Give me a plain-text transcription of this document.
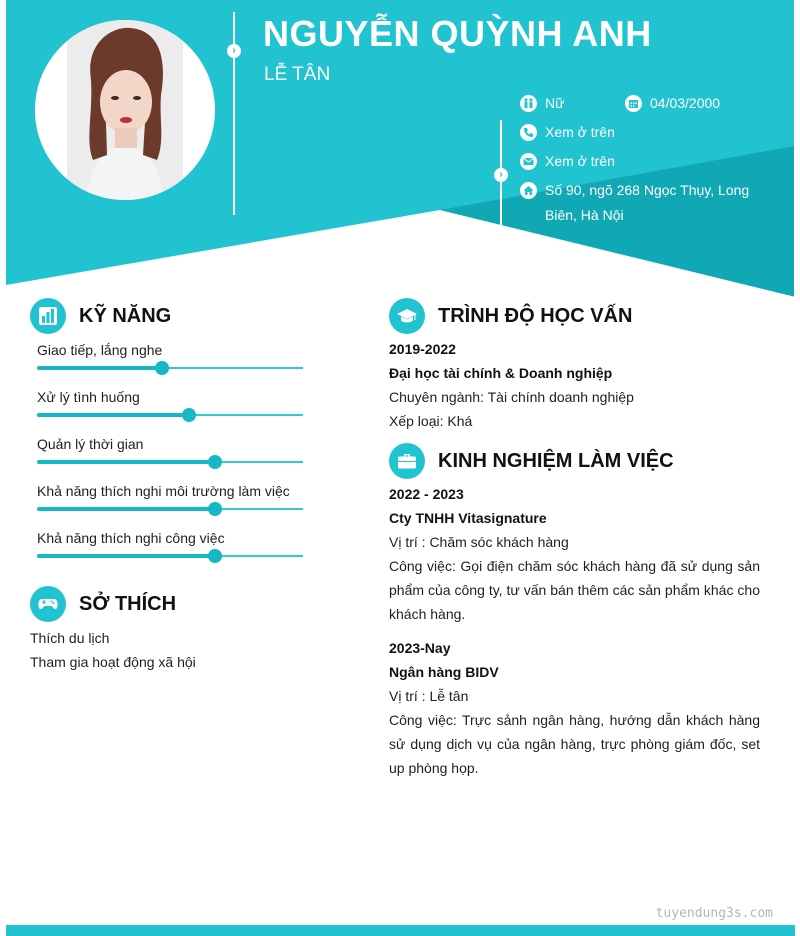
›
›
NGUYỄN QUỲNH ANH
LỄ TÂN
Nữ	04/03/2000
Xem ở trên
Xem ở trên
Số 90, ngõ 268 Ngọc Thụy, Long Biên, Hà Nội
KỸ NĂNG
Giao tiếp, lắng nghe
Xử lý tình huống
Quản lý thời gian
Khả năng thích nghi môi trường làm việc
Khả năng thích nghi công việc
SỞ THÍCH
Thích du lịch
Tham gia hoạt động xã hội
TRÌNH ĐỘ HỌC VẤN
2019-2022
Đại học tài chính & Doanh nghiệp
Chuyên ngành: Tài chính doanh nghiệp
Xếp loại: Khá
KINH NGHIỆM LÀM VIỆC
2022 - 2023
Cty TNHH Vitasignature
Vị trí : Chăm sóc khách hàng
Công việc: Gọi điện chăm sóc khách hàng đã sử dụng sản phẩm của công ty, tư vấn bán thêm các sản phẩm khác cho khách hàng.
2023-Nay
Ngân hàng BIDV
Vị trí : Lễ tân
Công việc: Trực sảnh ngân hàng, hướng dẫn khách hàng sử dụng dịch vụ của ngân hàng, trực phòng giám đốc, set up phòng họp.
tuyendung3s.com
